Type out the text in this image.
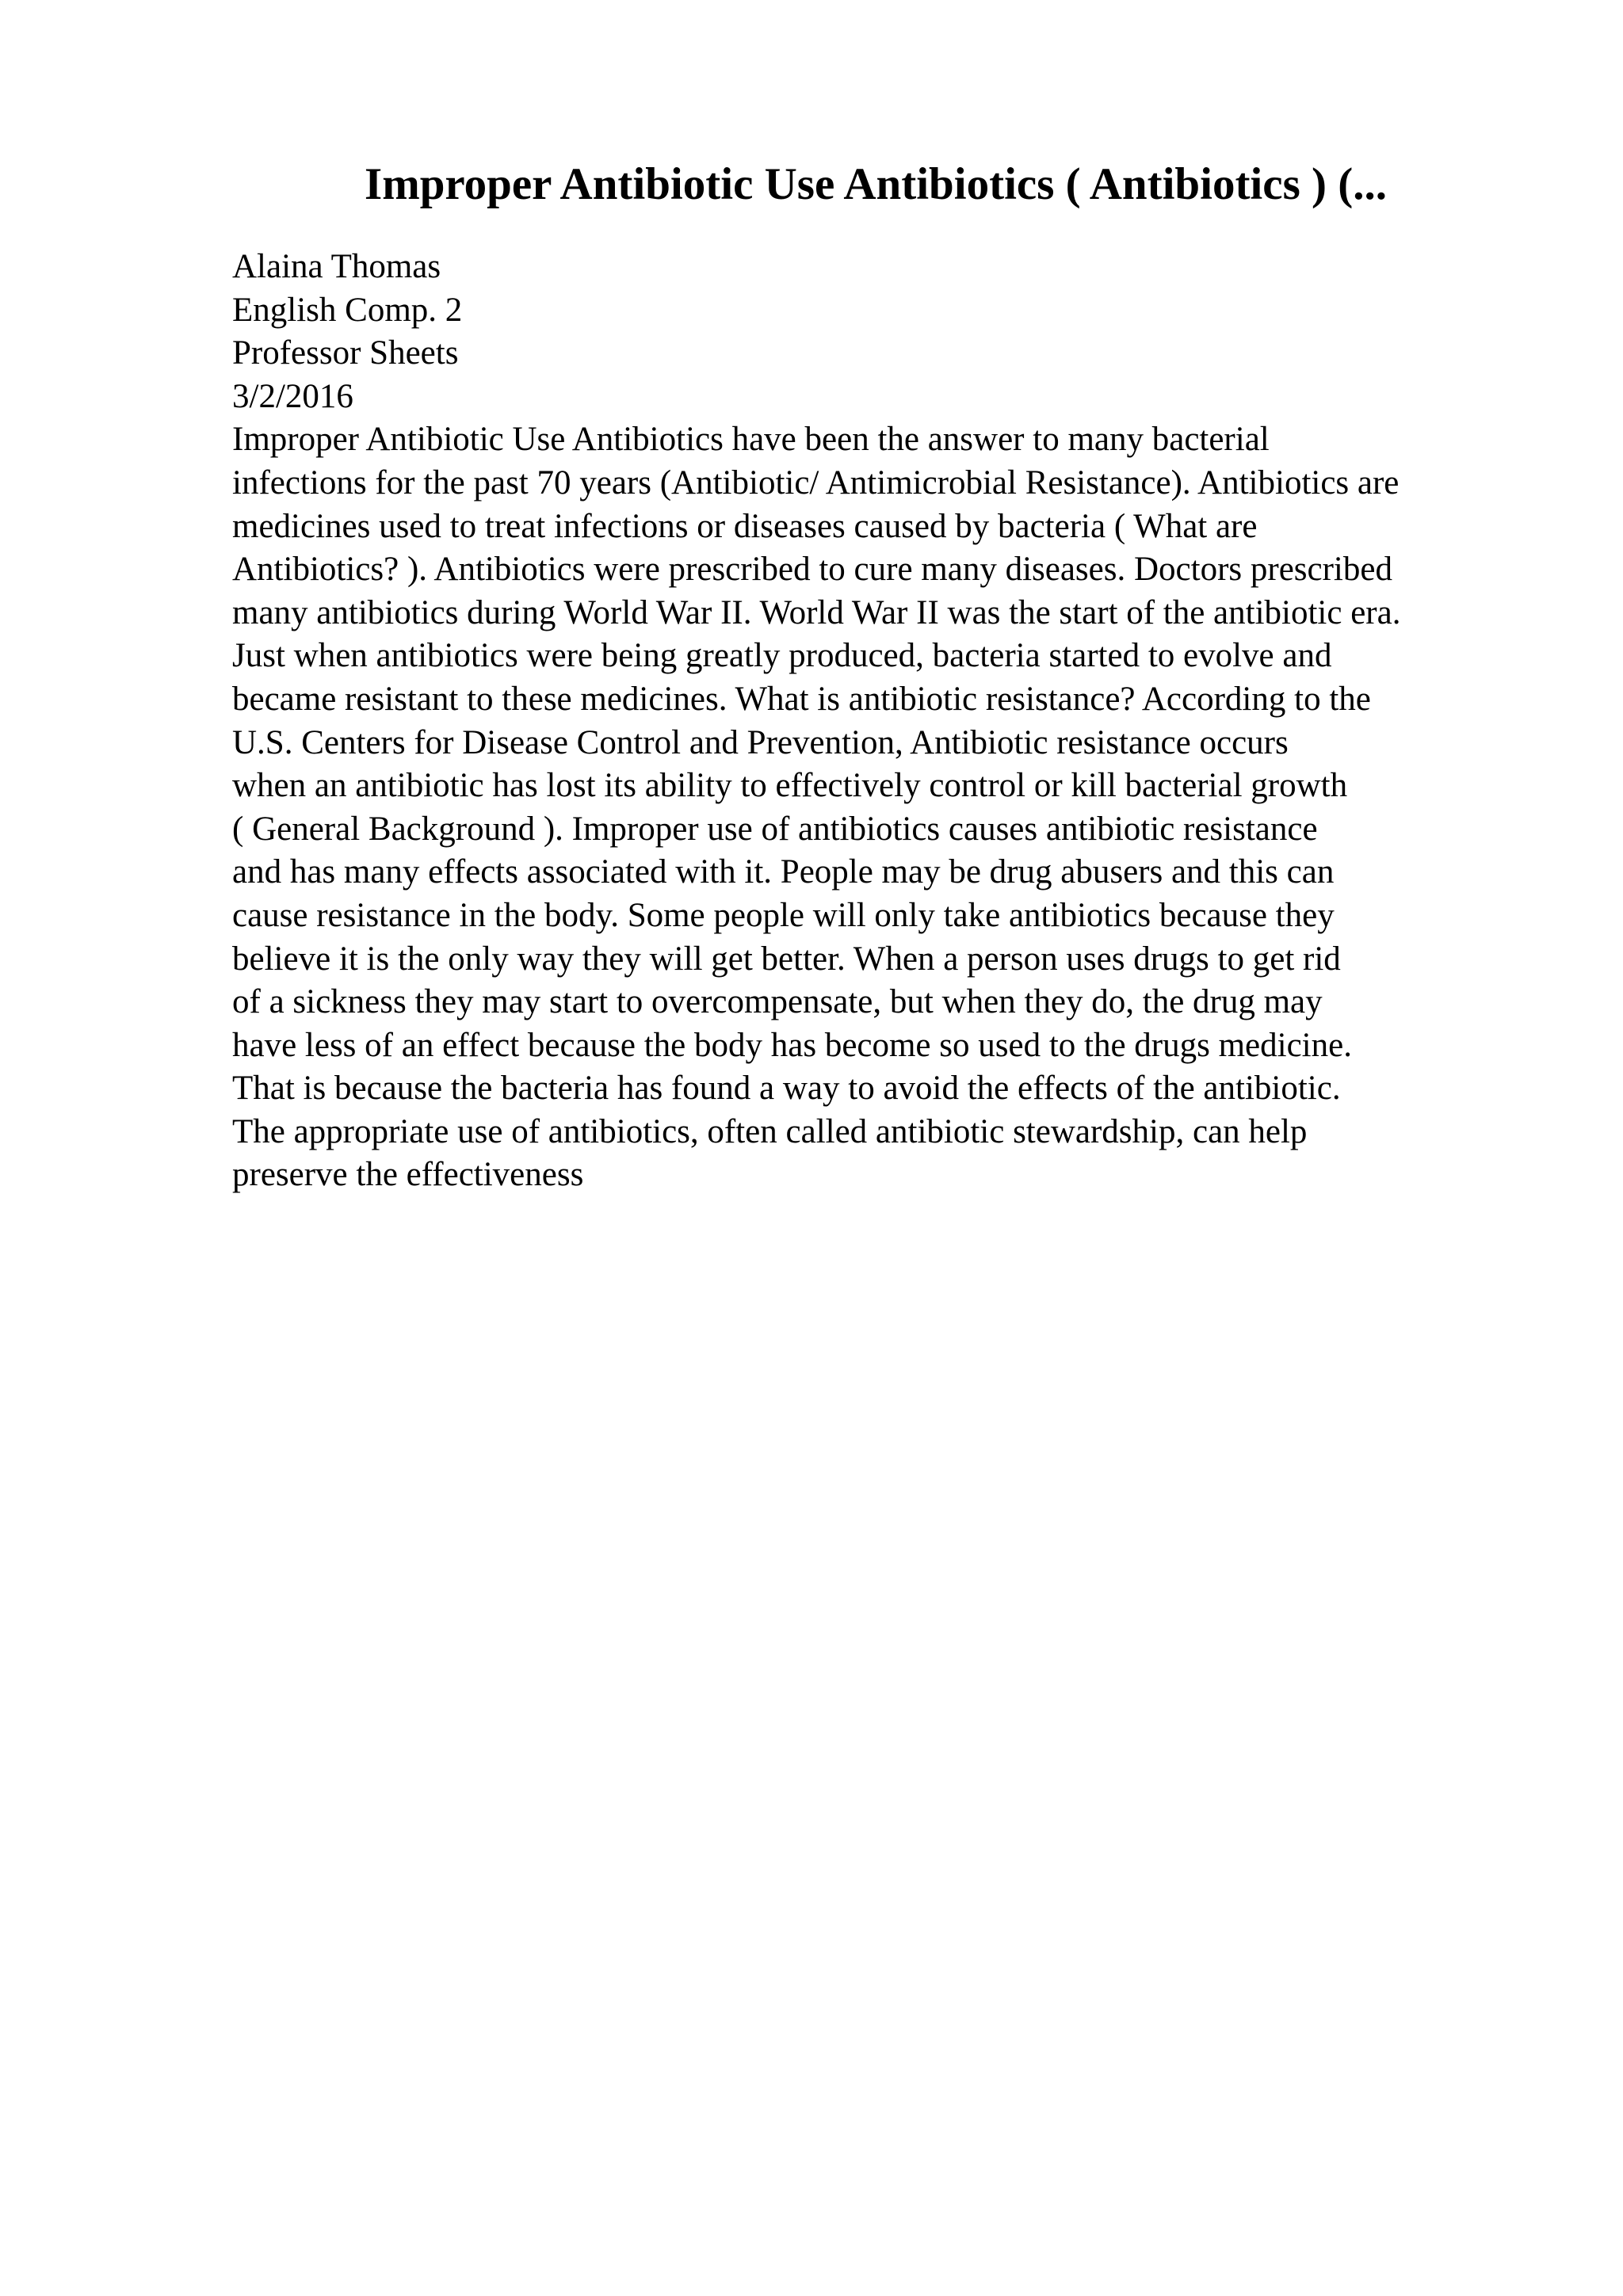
Improper Antibiotic Use Antibiotics ( Antibiotics ) (...
Alaina Thomas
English Comp. 2
Professor Sheets
3/2/2016
Improper Antibiotic Use Antibiotics have been the answer to many bacterial
infections for the past 70 years (Antibiotic/ Antimicrobial Resistance). Antibiotics are
medicines used to treat infections or diseases caused by bacteria ( What are
Antibiotics? ). Antibiotics were prescribed to cure many diseases. Doctors prescribed
many antibiotics during World War II. World War II was the start of the antibiotic era.
Just when antibiotics were being greatly produced, bacteria started to evolve and
became resistant to these medicines. What is antibiotic resistance? According to the
U.S. Centers for Disease Control and Prevention, Antibiotic resistance occurs
when an antibiotic has lost its ability to effectively control or kill bacterial growth
( General Background ). Improper use of antibiotics causes antibiotic resistance
and has many effects associated with it. People may be drug abusers and this can
cause resistance in the body. Some people will only take antibiotics because they
believe it is the only way they will get better. When a person uses drugs to get rid
of a sickness they may start to overcompensate, but when they do, the drug may
have less of an effect because the body has become so used to the drugs medicine.
That is because the bacteria has found a way to avoid the effects of the antibiotic.
The appropriate use of antibiotics, often called antibiotic stewardship, can help
preserve the effectiveness
